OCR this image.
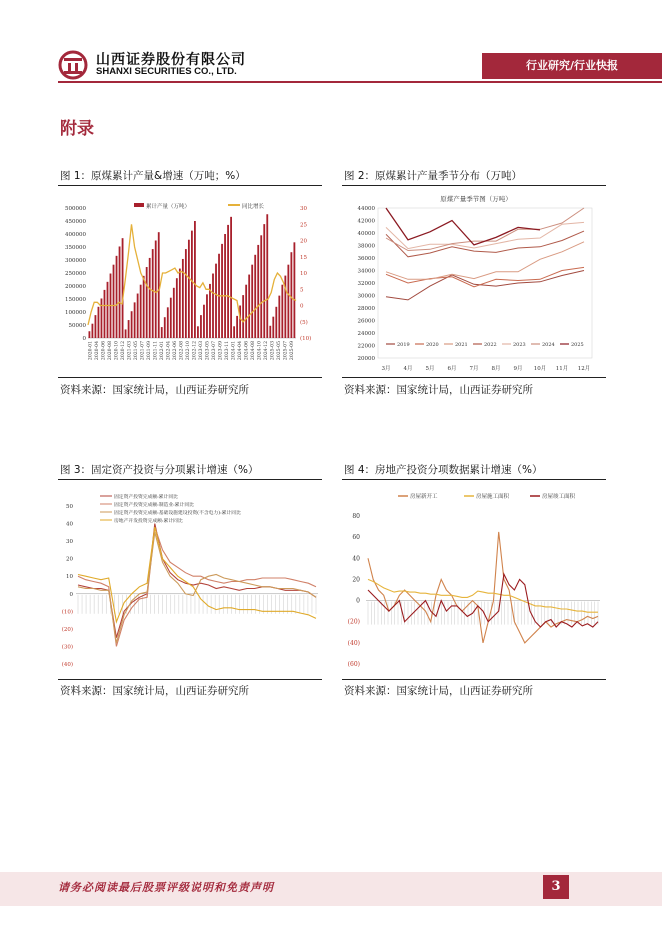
山西证券股份有限公司
SHANXI SECURITIES CO., LTD.	行业研究/行业快报
附录
图 1：原煤累计产量&增速（万吨；%）
累计产量（万吨）	同比增长
500000
450000
400000
350000
300000
250000
200000
150000
100000
50000
0
30
25
20
15
10
5
0
(5)
(10)
2020-01 2020-04 2020-06 2020-08 2020-10 2020-12 2021-03 2021-05 2021-07 2021-09 2021-11 2022-01 2022-04 2022-06 2022-08 2022-10 2022-12 2023-03 2023-05 2023-07 2023-09 2023-11 2024-01 2024-04 2024-06 2024-08 2024-10 2024-12 2025-03 2025-05 2025-07 2025-09
资料来源：国家统计局，山西证券研究所
图 2：原煤累计产量季节分布（万吨）
原煤产量季节图（万吨）
44000
42000
40000
38000
36000
34000
32000
30000
28000
26000
24000
22000
20000
3月 4月 5月 6月 7月 8月 9月 10月 11月 12月
2019	2020	2021	2022	2023	2024	2025
资料来源：国家统计局，山西证券研究所
图 3：固定资产投资与分项累计增速（%）
固定资产投资完成额:累计同比
固定资产投资完成额:制造业:累计同比
固定资产投资完成额:基础设施建设投资(不含电力):累计同比
房地产开发投资完成额:累计同比
50
40
30
20
10
0
(10)
(20)
(30)
(40)
资料来源：国家统计局，山西证券研究所
图 4：房地产投资分项数据累计增速（%）
房屋新开工	房屋施工面积	房屋竣工面积
80
60
40
20
0
(20)
(40)
(60)
资料来源：国家统计局，山西证券研究所
请务必阅读最后股票评级说明和免责声明	3
